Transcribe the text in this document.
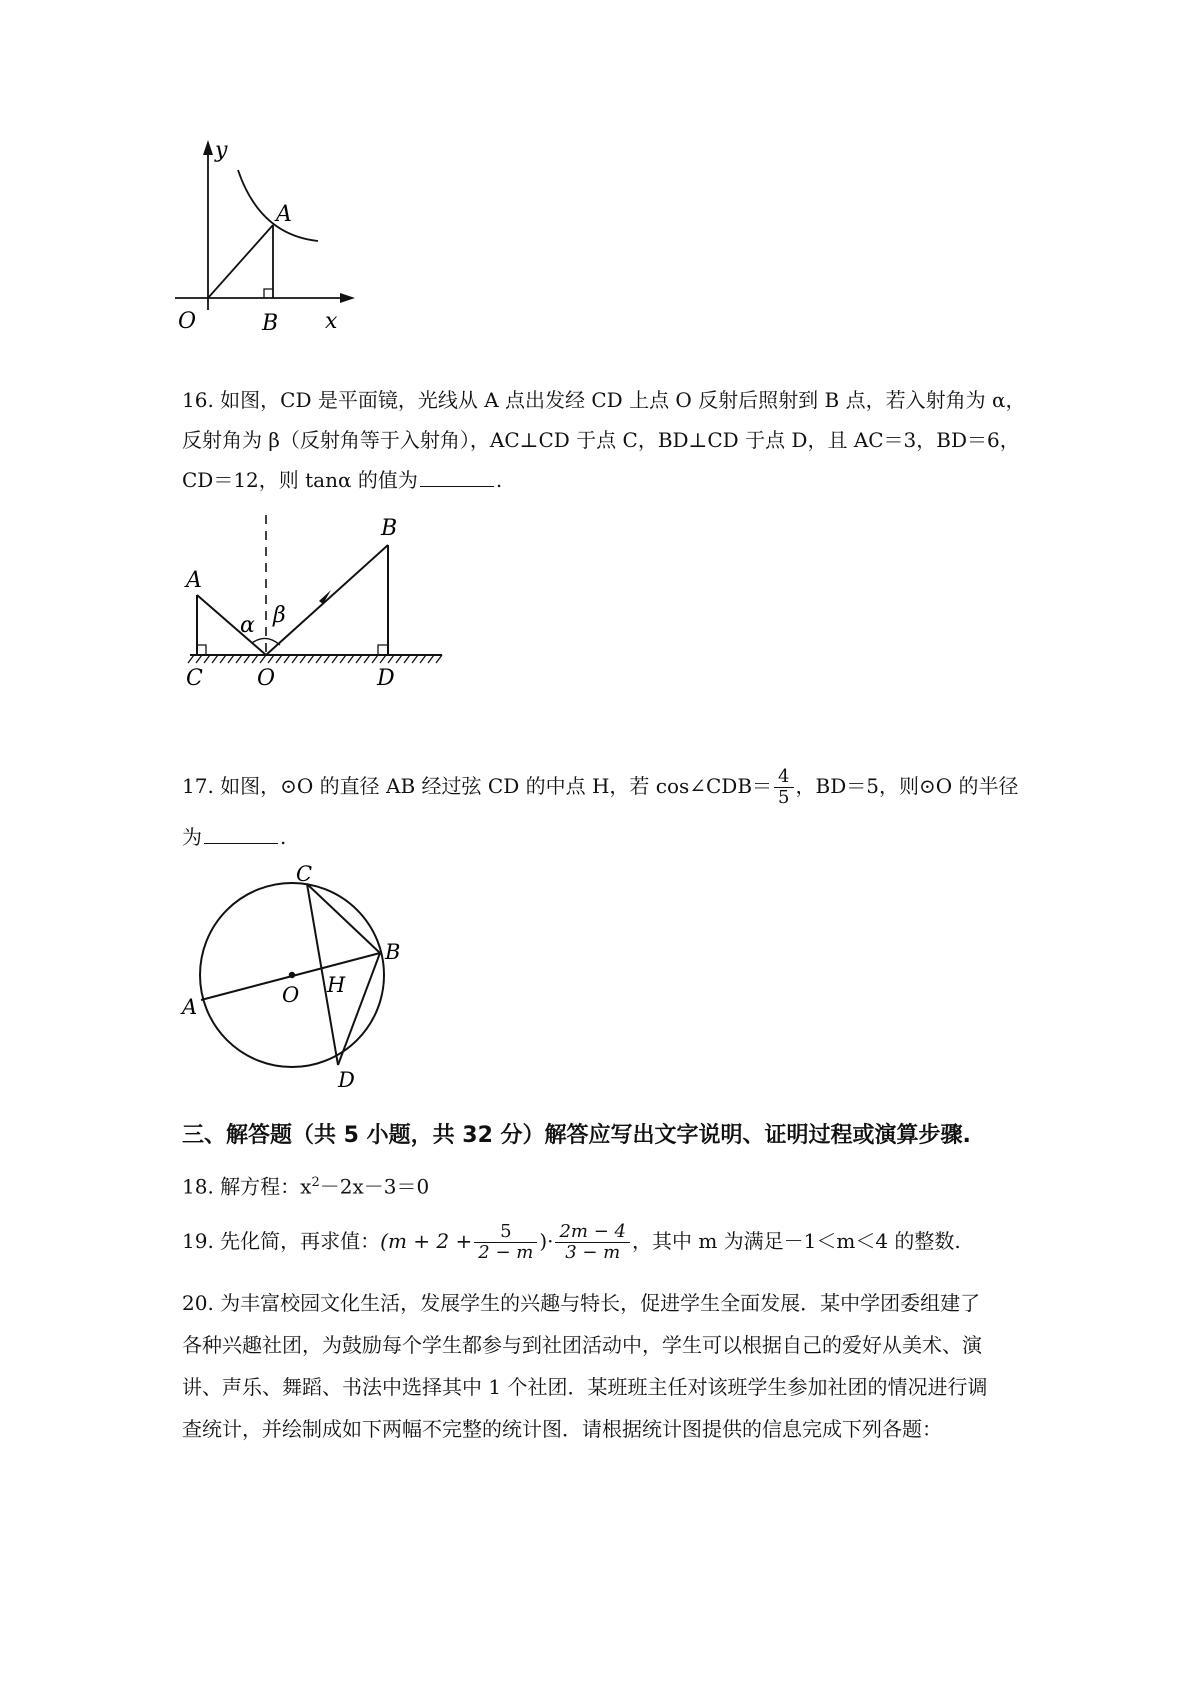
y
A
O	B x
16. 如图，CD 是平面镜，光线从 A 点出发经 CD 上点 O 反射后照射到 B 点，若入射角为 α，
反射角为 β（反射角等于入射角），AC⊥CD 于点 C，BD⊥CD 于点 D，且 AC＝3，BD＝6，
CD＝12，则 tanα 的值为	.
B
A
α β
C O	D
17. 如图，⊙O 的直径 AB 经过弦 CD 的中点 H，若 cos∠CDB＝ $\frac{4}{5}$ ，BD＝5，则⊙O 的半径
为	.
C
B
A	O H
D
三、解答题（共 5 小题，共 32 分）解答应写出文字说明、证明过程或演算步骤.
18. 解方程：$x^2-2x-3=0$
19. 先化简，再求值：($m + 2 + \frac{5}{2 - m}$ )· $\frac{2m - 4}{3 - m}$ ，其中 m 为满足－1＜m＜4 的整数.
20. 为丰富校园文化生活，发展学生的兴趣与特长，促进学生全面发展．某中学团委组建了
各种兴趣社团，为鼓励每个学生都参与到社团活动中，学生可以根据自己的爱好从美术、演
讲、声乐、舞蹈、书法中选择其中 1 个社团．某班班主任对该班学生参加社团的情况进行调
查统计，并绘制成如下两幅不完整的统计图．请根据统计图提供的信息完成下列各题：
